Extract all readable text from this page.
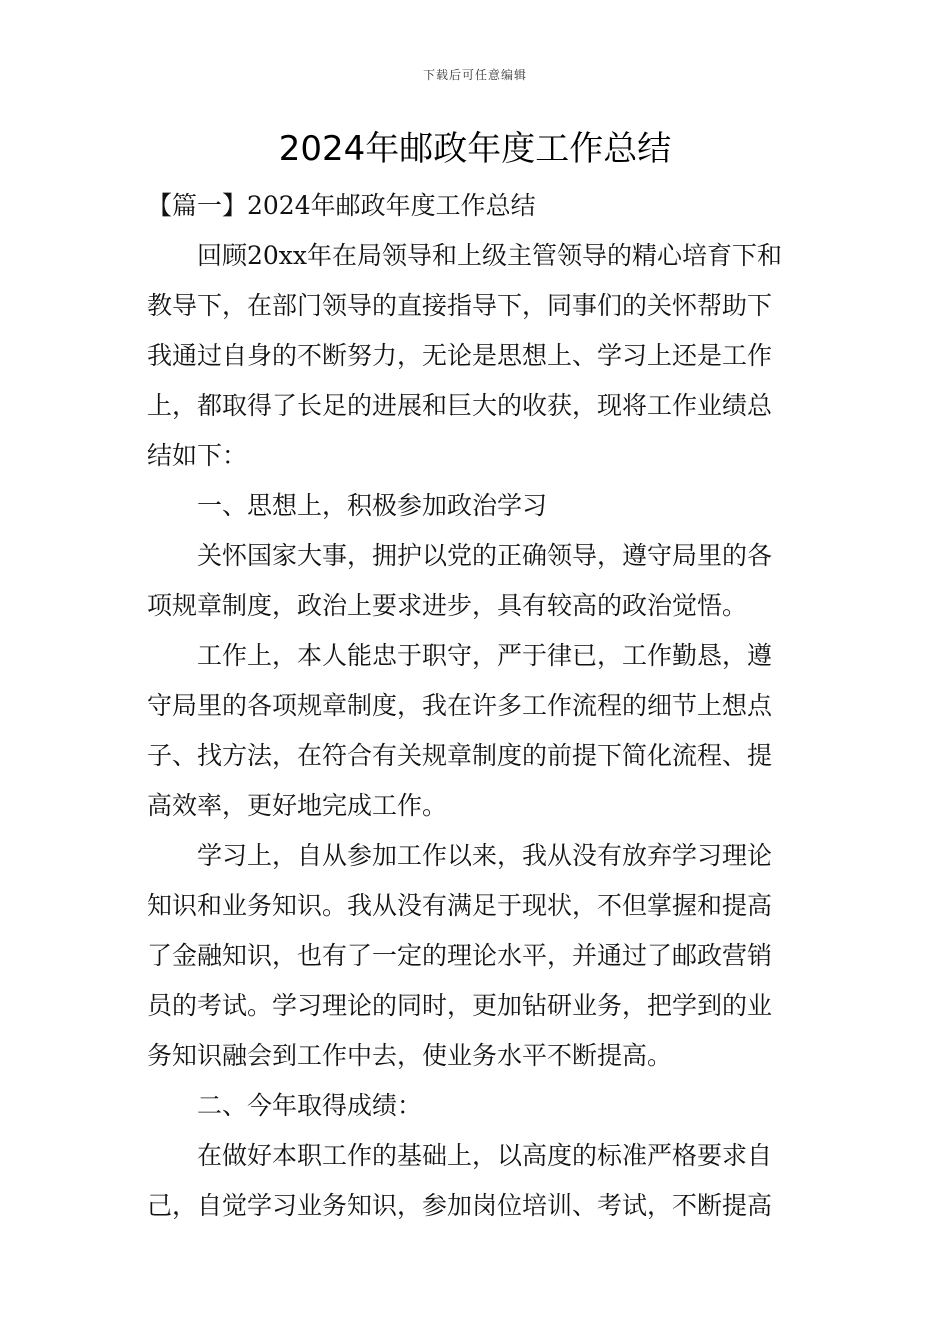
下载后可任意编辑
2024年邮政年度工作总结
【篇一】2024年邮政年度工作总结
回顾20xx年在局领导和上级主管领导的精心培育下和
教导下，在部门领导的直接指导下，同事们的关怀帮助下
我通过自身的不断努力，无论是思想上、学习上还是工作
上，都取得了长足的进展和巨大的收获，现将工作业绩总
结如下：
一、思想上，积极参加政治学习
关怀国家大事，拥护以党的正确领导，遵守局里的各
项规章制度，政治上要求进步，具有较高的政治觉悟。
工作上，本人能忠于职守，严于律已，工作勤恳，遵
守局里的各项规章制度，我在许多工作流程的细节上想点
子、找方法，在符合有关规章制度的前提下简化流程、提
高效率，更好地完成工作。
学习上，自从参加工作以来，我从没有放弃学习理论
知识和业务知识。我从没有满足于现状，不但掌握和提高
了金融知识，也有了一定的理论水平，并通过了邮政营销
员的考试。学习理论的同时，更加钻研业务，把学到的业
务知识融会到工作中去，使业务水平不断提高。
二、今年取得成绩：
在做好本职工作的基础上，以高度的标准严格要求自
己，自觉学习业务知识，参加岗位培训、考试，不断提高
